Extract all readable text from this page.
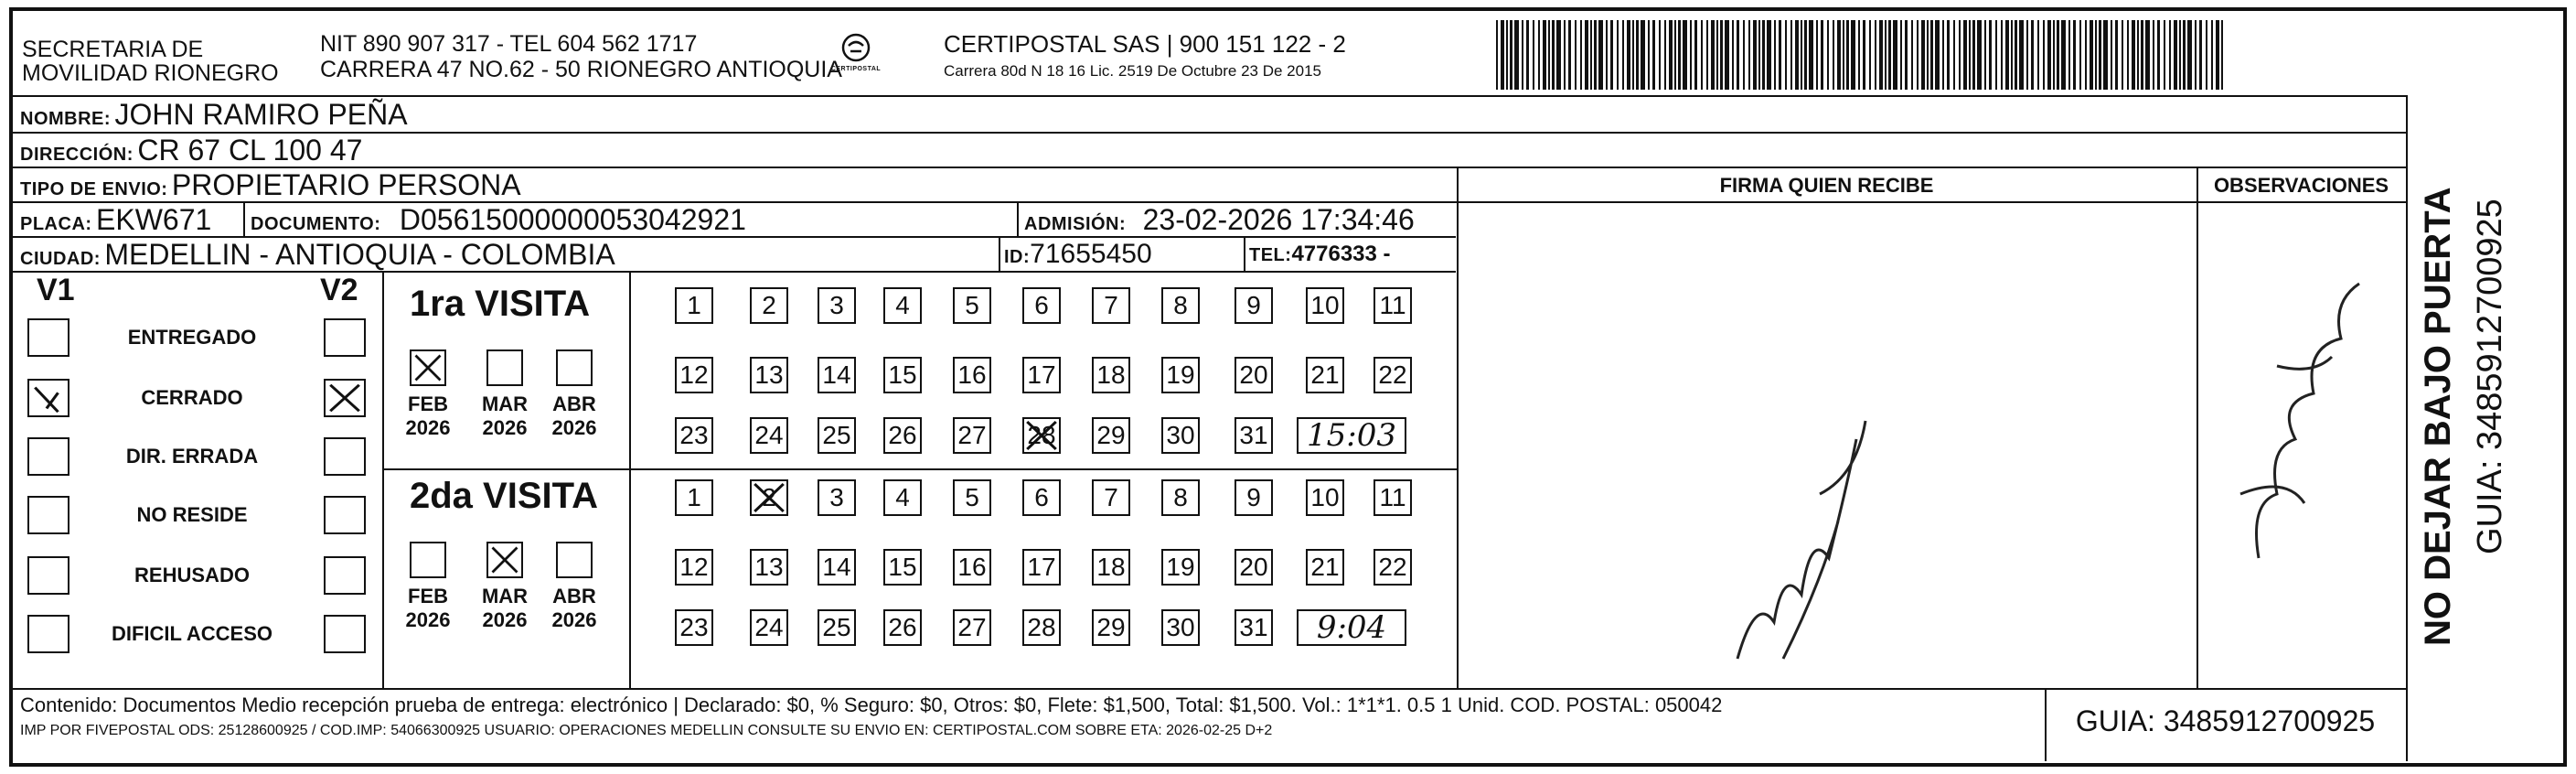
SECRETARIA DE
MOVILIDAD RIONEGRO
NIT 890 907 317 - TEL 604 562 1717
CARRERA 47 NO.62 - 50 RIONEGRO ANTIOQUIA
CERTIPOSTAL
CERTIPOSTAL SAS | 900 151 122 - 2
Carrera 80d N 18 16 Lic. 2519 De Octubre 23 De 2015
NOMBRE: JOHN RAMIRO PEÑA
DIRECCIÓN: CR 67 CL 100 47
TIPO DE ENVIO: PROPIETARIO PERSONA
PLACA: EKW671 DOCUMENTO: D05615000000053042921	ADMISIÓN: 23-02-2026 17:34:46
CIUDAD: MEDELLIN - ANTIOQUIA - COLOMBIA	ID:71655450	TEL:4776333 -
FIRMA QUIEN RECIBE	OBSERVACIONES
V1	V2
ENTREGADO
CERRADO
DIR. ERRADA
NO RESIDE
REHUSADO
DIFICIL ACCESO
1ra VISITA
2da VISITA
FEB
2026
MAR
2026
ABR
2026
1	2	3	4	5	6	7	8	9	10 11
12 13 14 15 16 17 18 19 20 21 22
23 24 25 26 27 28 29 30 31	15:03
FEB
2026
MAR
2026
ABR
2026
1	2	3	4	5	6	7	8	9	10 11
12 13 14 15 16 17 18 19 20 21 22
23 24 25 26 27 28 29 30 31	9:04
Contenido: Documentos Medio recepción prueba de entrega: electrónico | Declarado: $0, % Seguro: $0, Otros: $0, Flete: $1,500, Total: $1,500. Vol.: 1*1*1. 0.5 1 Unid. COD. POSTAL: 050042
IMP POR FIVEPOSTAL ODS: 25128600925 / COD.IMP: 54066300925 USUARIO: OPERACIONES MEDELLIN CONSULTE SU ENVIO EN: CERTIPOSTAL.COM SOBRE ETA: 2026-02-25 D+2	GUIA: 3485912700925
NO DEJAR BAJO PUERTA GUIA: 3485912700925
